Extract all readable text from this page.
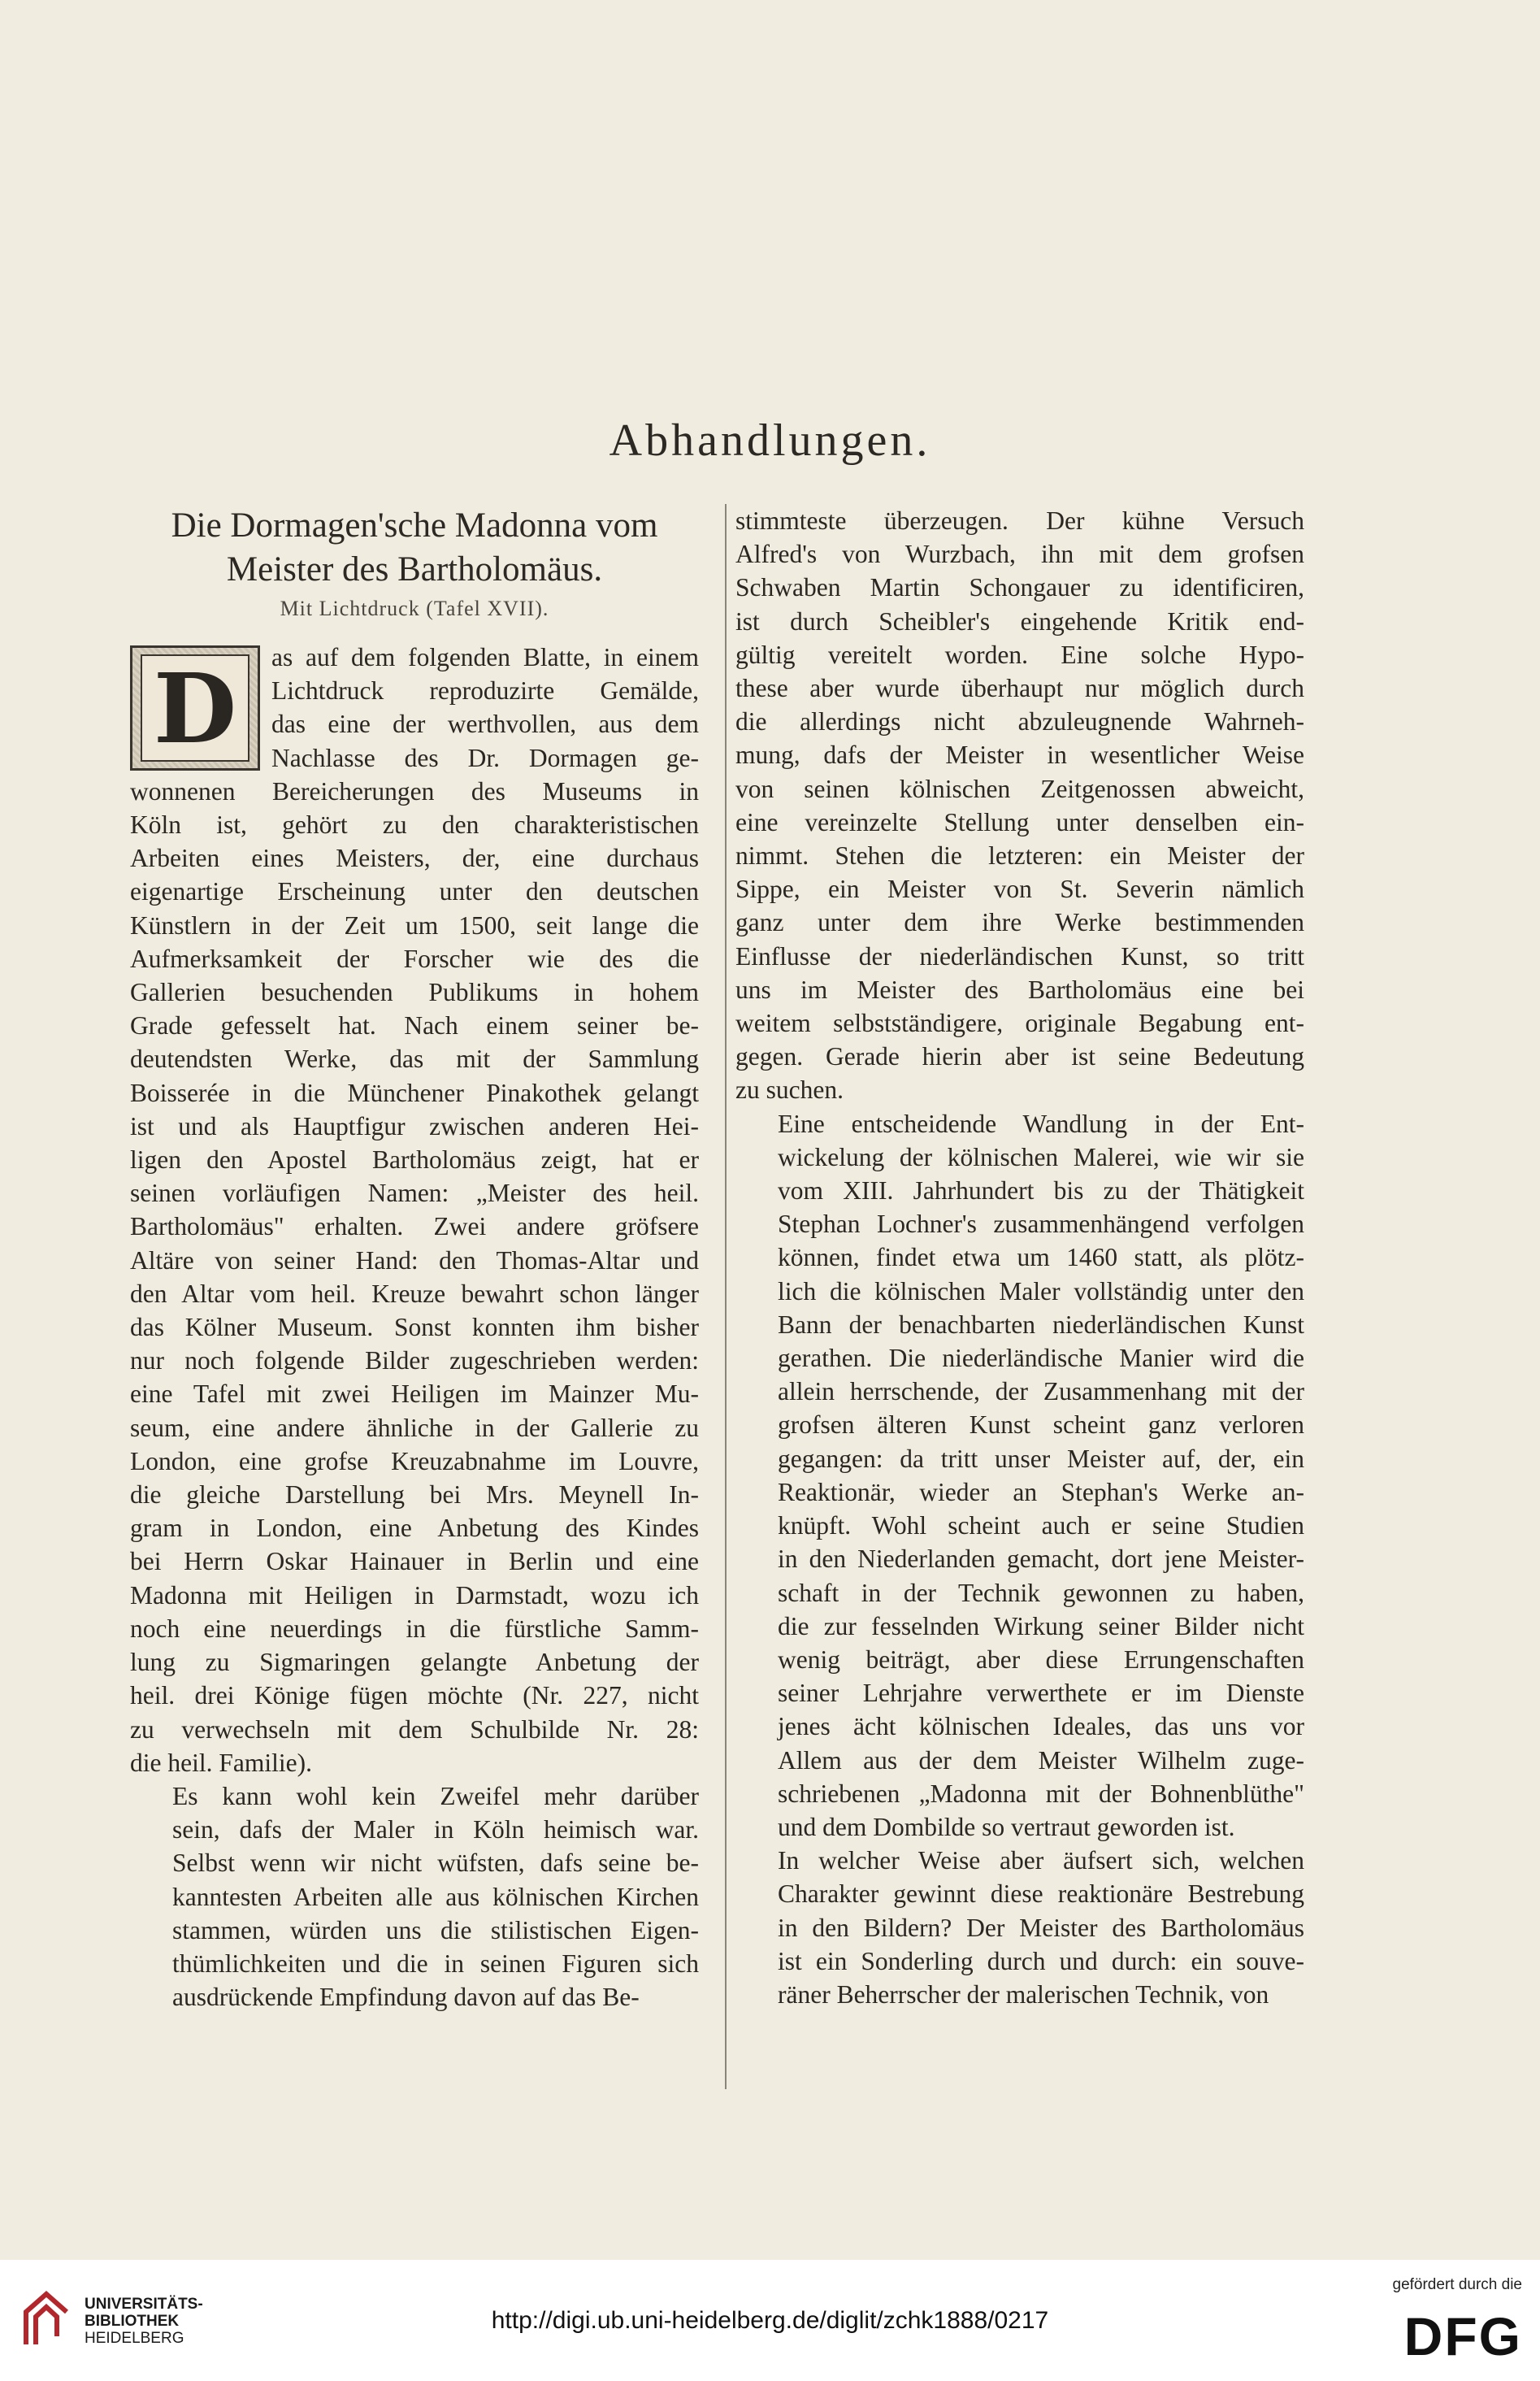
Abhandlungen.
Die Dormagen'sche Madonna vom
Meister des Bartholomäus.
Mit Lichtdruck (Tafel XVII).
D	as auf dem folgenden Blatte, in einem
Lichtdruck reproduzirte Gemälde,
das eine der werthvollen, aus dem
Nachlasse des Dr. Dormagen ge-
wonnenen Bereicherungen des Museums in
Köln ist, gehört zu den charakteristischen
Arbeiten eines Meisters, der, eine durchaus
eigenartige Erscheinung unter den deutschen
Künstlern in der Zeit um 1500, seit lange die
Aufmerksamkeit der Forscher wie des die
Gallerien besuchenden Publikums in hohem
Grade gefesselt hat. Nach einem seiner be-
deutendsten Werke, das mit der Sammlung
Boisserée in die Münchener Pinakothek gelangt
ist und als Hauptfigur zwischen anderen Hei-
ligen den Apostel Bartholomäus zeigt, hat er
seinen vorläufigen Namen: „Meister des heil.
Bartholomäus" erhalten. Zwei andere gröfsere
Altäre von seiner Hand: den Thomas-Altar und
den Altar vom heil. Kreuze bewahrt schon länger
das Kölner Museum. Sonst konnten ihm bisher
nur noch folgende Bilder zugeschrieben werden:
eine Tafel mit zwei Heiligen im Mainzer Mu-
seum, eine andere ähnliche in der Gallerie zu
London, eine grofse Kreuzabnahme im Louvre,
die gleiche Darstellung bei Mrs. Meynell In-
gram in London, eine Anbetung des Kindes
bei Herrn Oskar Hainauer in Berlin und eine
Madonna mit Heiligen in Darmstadt, wozu ich
noch eine neuerdings in die fürstliche Samm-
lung zu Sigmaringen gelangte Anbetung der
heil. drei Könige fügen möchte (Nr. 227, nicht
zu verwechseln mit dem Schulbilde Nr. 28:
die heil. Familie).
Es kann wohl kein Zweifel mehr darüber
sein, dafs der Maler in Köln heimisch war.
Selbst wenn wir nicht wüfsten, dafs seine be-
kanntesten Arbeiten alle aus kölnischen Kirchen
stammen, würden uns die stilistischen Eigen-
thümlichkeiten und die in seinen Figuren sich
ausdrückende Empfindung davon auf das Be-
stimmteste überzeugen. Der kühne Versuch
Alfred's von Wurzbach, ihn mit dem grofsen
Schwaben Martin Schongauer zu identificiren,
ist durch Scheibler's eingehende Kritik end-
gültig vereitelt worden. Eine solche Hypo-
these aber wurde überhaupt nur möglich durch
die allerdings nicht abzuleugnende Wahrneh-
mung, dafs der Meister in wesentlicher Weise
von seinen kölnischen Zeitgenossen abweicht,
eine vereinzelte Stellung unter denselben ein-
nimmt. Stehen die letzteren: ein Meister der
Sippe, ein Meister von St. Severin nämlich
ganz unter dem ihre Werke bestimmenden
Einflusse der niederländischen Kunst, so tritt
uns im Meister des Bartholomäus eine bei
weitem selbstständigere, originale Begabung ent-
gegen. Gerade hierin aber ist seine Bedeutung
zu suchen.
Eine entscheidende Wandlung in der Ent-
wickelung der kölnischen Malerei, wie wir sie
vom XIII. Jahrhundert bis zu der Thätigkeit
Stephan Lochner's zusammenhängend verfolgen
können, findet etwa um 1460 statt, als plötz-
lich die kölnischen Maler vollständig unter den
Bann der benachbarten niederländischen Kunst
gerathen. Die niederländische Manier wird die
allein herrschende, der Zusammenhang mit der
grofsen älteren Kunst scheint ganz verloren
gegangen: da tritt unser Meister auf, der, ein
Reaktionär, wieder an Stephan's Werke an-
knüpft. Wohl scheint auch er seine Studien
in den Niederlanden gemacht, dort jene Meister-
schaft in der Technik gewonnen zu haben,
die zur fesselnden Wirkung seiner Bilder nicht
wenig beiträgt, aber diese Errungenschaften
seiner Lehrjahre verwerthete er im Dienste
jenes ächt kölnischen Ideales, das uns vor
Allem aus der dem Meister Wilhelm zuge-
schriebenen „Madonna mit der Bohnenblüthe"
und dem Dombilde so vertraut geworden ist.
In welcher Weise aber äufsert sich, welchen
Charakter gewinnt diese reaktionäre Bestrebung
in den Bildern? Der Meister des Bartholomäus
ist ein Sonderling durch und durch: ein souve-
räner Beherrscher der malerischen Technik, von
UNIVERSITÄTS-
BIBLIOTHEK
HEIDELBERG
http://digi.ub.uni-heidelberg.de/diglit/zchk1888/0217
gefördert durch die
DFG
